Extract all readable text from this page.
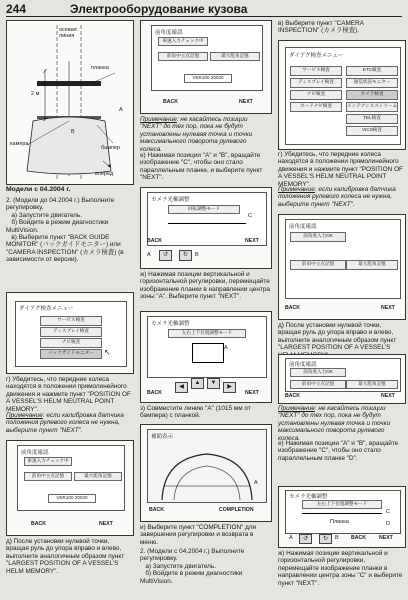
244	Электрооборудование кузова
осевая
линия
2 м
планка
А
бампер
камера
В
вперед
Модели с 04.2004 г.
2. (Модели до 04.2004 г.) Выполните регулировку.
а) Запустите двигатель.
б) Войдите в режим диагностики MultiVision.
в) Выберите пункт "BACK GUIDE MONITOR" (バックガイドモニター) или "CAMERA INSPECTION" (カメラ検査) (в зависимости от версии).
ダイアグ検査メニュー
サービス検査
ディスプレイ検査
ナビ検査
バックガイドモニター	↖
г) Убедитесь, что передние колеса находятся в положении прямолинейного движения и нажмите пункт "POSITION OF A VESSEL'S HELM NEUTRAL POINT MEMORY".
Примечание: если калибровка датчика положения рулевого колеса не нужна, выберите пункт "NEXT".
前角度確認
車速入力チェック中
前角中立点記憶	最大舵角記憶
VER100 20020
BACK	NEXT
д) После установки нулевой точки, вращая руль до упора вправо и влево, выполните аналогичным образом пункт "LARGEST POSITION OF A VESSEL'S HELM MEMORY".
前角度確認
車速入力チェック中
前角中立点記憶	最大舵角記憶
VER100 20020
BACK	NEXT
Примечание: не касайтесь позиции "NEXT" до тех пор, пока не будут установлены нулевая точка и точки максимального поворота рулевого колеса.
е) Нажимая позиции "А" и "В", вращайте изображение "С", чтобы оно стало параллельным планке, и выберите пункт "NEXT".
カメラ光軸調整
回転調整モード
C
↺
A	↻	B
BACK	NEXT
ж) Нажимая позиции вертикальной и горизонтальной регулировки, перемещайте изображение планки в направлении центра зоны "А". Выберите пункт "NEXT".
カメラ光軸調整
左右上下位置調整モード
A
◀
▲	▼
▶
BACK	NEXT
з) Совместите линию "А" (1015 мм от бампера) с планкой.
補助表示
A
BACK	COMPLETION
и) Выберите пункт "COMPLETION" для завершения регулировки и возврата в меню.
2. (Модели с 04.2004 г.) Выполните регулировку.
а) Запустите двигатель.
б) Войдите в режим диагностики MultiVision.
в) Выберите пункт "CAMERA INSPECTION" (カメラ検査).
ダイアグ検査メニュー
サービス検査	ETC検査
ディスプレイ検査	通信状況モニター
ナビ検査	カメラ検査
カードナビ検査	メンテナンスストリーム
TEL検査
VICS検査
г) Убедитесь, что передние колеса находятся в положении прямолинейного движения и нажмите пункт "POSITION OF A VESSEL'S HELM NEUTRAL POINT MEMORY".
Примечание: если калибровка датчика положения рулевого колеса не нужна, выберите пункт "NEXT".
前角度確認
前角度入力OK
前角中立点記憶	最大舵角記憶
BACK	NEXT
д) После установки нулевой точки, вращая руль до упора вправо и влево, выполните аналогичным образом пункт "LARGEST POSITION OF A VESSEL'S
前角度確認
前角度入力OK
前角中立点記憶	最大舵角記憶
BACK	NEXT
Примечание: не касайтесь позиции "NEXT" до тех пор, пока не будут установлены нулевая точка и точки максимального поворота рулевого колеса.
е) Нажимая позиции "А" и "В", вращайте изображение "С", чтобы оно стало параллельным планке "D".
カメラ光軸調整
左右上下位置調整モード
C
Планка	D
↺
A	↻	B BACK	NEXT
ж) Нажимая позиции вертикальной и горизонтальной регулировки, перемещайте изображение планки в направлении центра зоны "С" и выберите пункт "NEXT".
